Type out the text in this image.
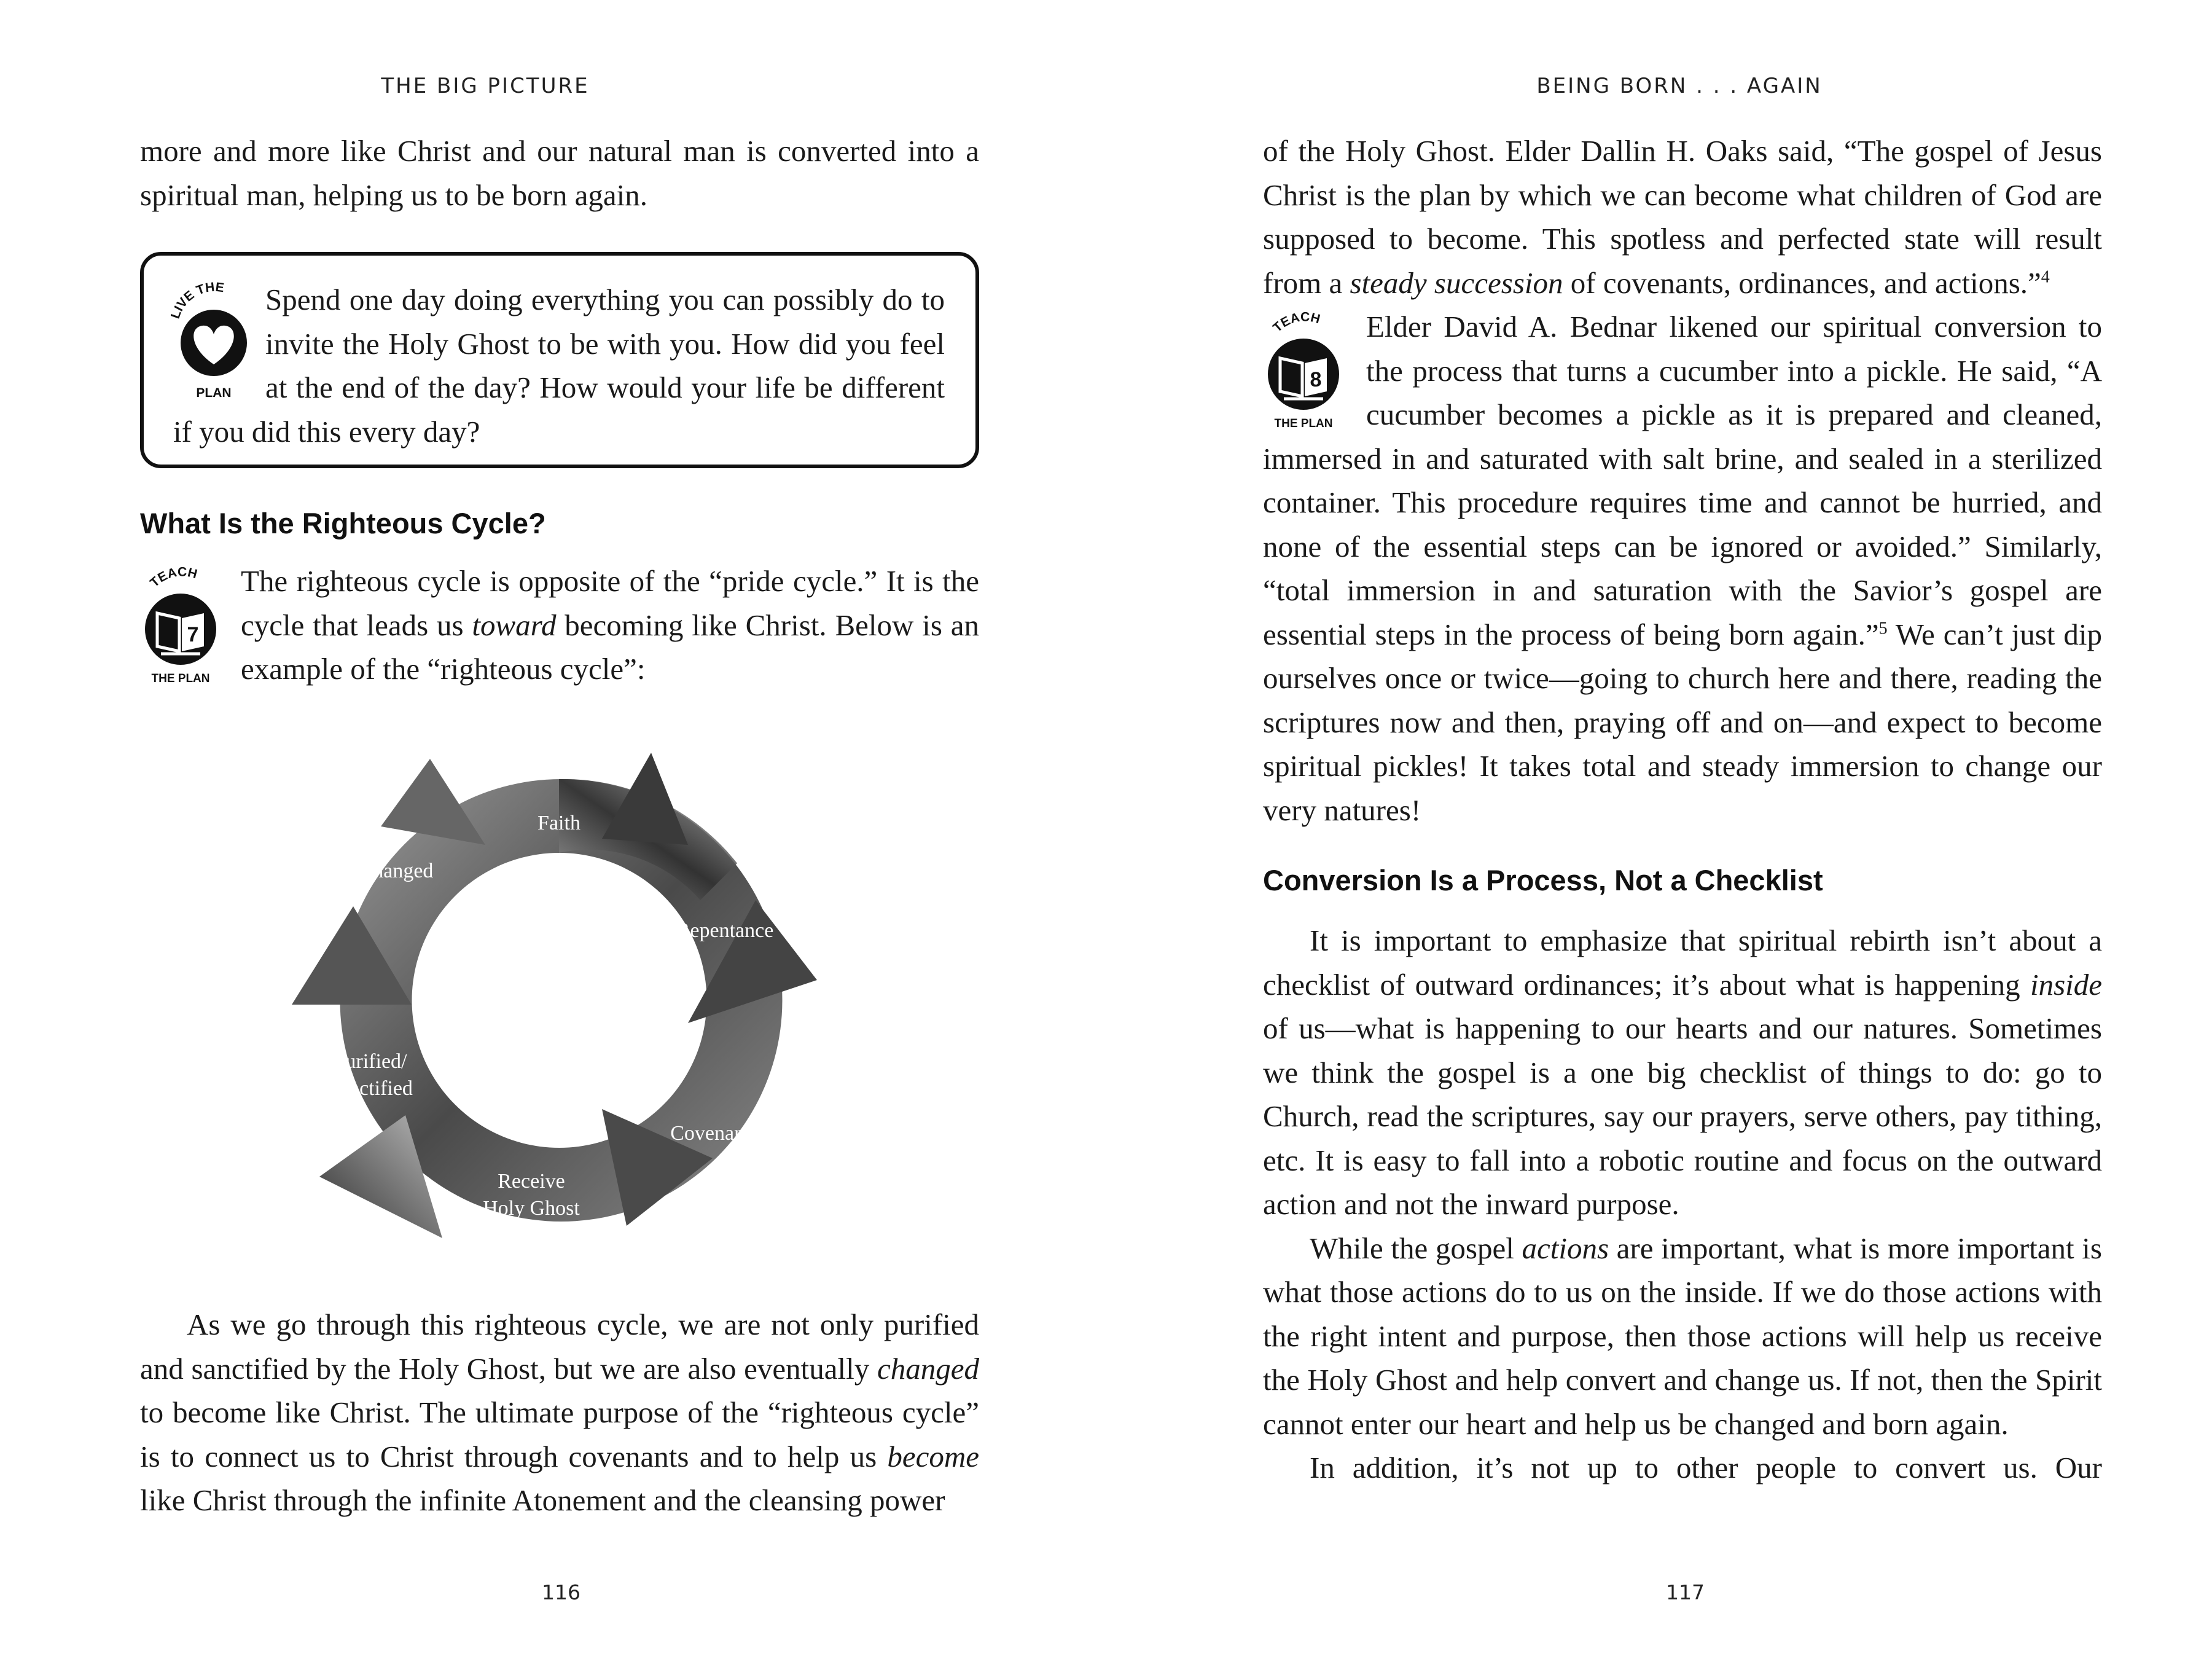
THE BIG PICTURE

more and more like Christ and our natural man is converted into a spiritual man, helping us to be born again.

IVE THE
PLAN
Spend one day doing everything you can possibly do to invite the Holy Ghost to be with you. How did you feel at the end of the day? How would your life be different if you did this every day?
What Is the Righteous Cycle?
TEACH
7
THE PLAN
The righteous cycle is opposite of the “pride cycle.” It is the cycle that leads us toward becoming like Christ. Below is an example of the “righteous cycle”:
Faith
Repentance
Covenants
Receive
Holy Ghost
Purified/
Sanctified
Changed

As we go through this righteous cycle, we are not only purified and sanctified by the Holy Ghost, but we are also eventually changed to become like Christ. The ultimate purpose of the “righteous cycle” is to connect us to Christ through covenants and to help us become like Christ through the infinite Atonement and the cleansing power

116
BEING BORN . . . AGAIN

of the Holy Ghost. Elder Dallin H. Oaks said, “The gospel of Jesus Christ is the plan by which we can become what children of God are supposed to become. This spotless and perfected state will result from a steady succession of covenants, ordinances, and actions.”$^4$

TEACH
8
THE PLAN
Elder David A. Bednar likened our spiritual conversion to the process that turns a cucumber into a pickle. He said, “A cucumber becomes a pickle as it is prepared and cleaned, immersed in and saturated with salt brine, and sealed in a sterilized container. This procedure requires time and cannot be hurried, and none of the essential steps can be ignored or avoided.” Similarly, “total immersion in and saturation with the Savior’s gospel are essential steps in the process of being born again.”$^5$ We can’t just dip ourselves once or twice—going to church here and there, reading the scriptures now and then, praying off and on—and expect to become spiritual pickles! It takes total and steady immersion to change our very natures!
Conversion Is a Process, Not a Checklist

It is important to emphasize that spiritual rebirth isn’t about a checklist of outward ordinances; it’s about what is happening inside of us—what is happening to our hearts and our natures. Sometimes we think the gospel is a one big checklist of things to do: go to Church, read the scriptures, say our prayers, serve others, pay tithing, etc. It is easy to fall into a robotic routine and focus on the outward action and not the inward purpose.

While the gospel actions are important, what is more important is what those actions do to us on the inside. If we do those actions with the right intent and purpose, then those actions will help us receive the Holy Ghost and help convert and change us. If not, then the Spirit cannot enter our heart and help us be changed and born again.

In addition, it’s not up to other people to convert us. Our

117
